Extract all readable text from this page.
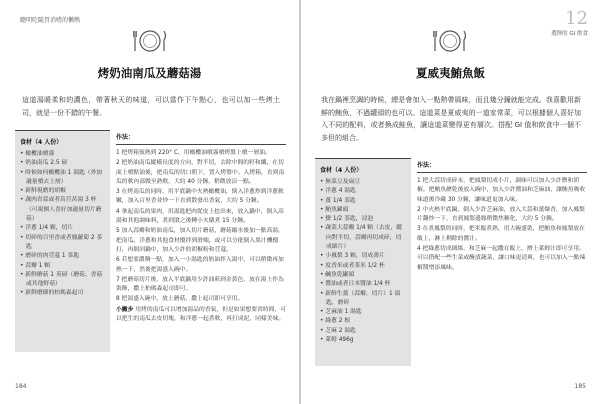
聰明吃隨胃消嗜的懶熱
烤奶油南瓜及蘑菇湯
這道湯暖柔和的濃色，帶著秋天的味道，可以當作下午點心，也可以加一些烤土司，就是一份不錯的午餐。
食材（4 人份）
• 橄欖油噴霧
• 奶油南瓜 2.5 磅
• 時候如何橄欖油 1 湯匙（外加適量噴去上層）
• 新鮮現磨的胡椒
• 蔬肉青蒜或者莴苣莴湯 3 杯（可視個人喜好加適量切片蘑菇）
• 洋蔥 1/4 顆，切片
• 切碎的百里香或者鳳蘿蔔 2 茶匙
• 磨碎的肉荳蔻 1 茶匙
• 蒜瓣 1 顆
• 新鮮蘑菇 1 英磅（蘑菇、香菇或其他野菇）
• 新鮮磨細的柏瑪森起司
作法：
1 把烤箱預熱到 220° C，用橄欖油噴霧噴烤盤上噴一層油。
2 把奶油南瓜縱橫長度的方向，對半切，去除中間的籽和纖，在切面上噴點油後，把南瓜的切口朝下，置入烤盤中。入烤箱，直到南瓜的軟內部做至熟軟，大約 40 分鐘。稍微放涼一點。
3 在烤南瓜的同時，用平底鍋中火熱橄欖油，倒入洋蔥炒到洋蔥軟嫩，加入百里香並炒一下直到散發出香氣，大約 5 分鐘。
4 拿起南瓜的果肉，用湯匙把肉從皮上挖出來，放入鍋中，倒入高湯和其他調味料，煮到滾之後轉小火燉煮 15 分鐘。
5 加入蒜瓣和奶油南瓜，加入切片蘑菇，蘑菇縮水後加一點高湯，把南瓜、洋蔥和其他食材攪拌到滑順，或可以分批倒入果汁機攪打，再倒回鍋中，加入少許的胡椒粉和荳蔻。
6 若想要濃稠一點，加入一小湯匙的奶油拌入湯中，可以稍微再加熱一下，然後把湯盛入碗中。
7 把蘑菇切片後，放入平底鍋用少許油煎到金黃色，放在湯上作為裝飾，撒上柏瑪森起司即可。
8 把湯盛入碗中，放上蘑菇，撒上起司即可享用。
小撇步 用烤的南瓜可以增加湯品的香氣，但是如果想要省時間，可以把生的南瓜去皮切塊，和洋蔥一起煮軟，再打成泥，同樣美味。
184
12
選擇的 GI 飲食
夏威夷鮪魚飯
我在鍋裡烹調的時候，總是會加入一點熱帶風味，而且幾分鐘就能完成。我喜歡用新鮮的鮪魚，不過罐頭的也可以。這道菜是夏威夷的一道家常菜，可以根據個人喜好加入不同的配料，或者換成鮭魚，讓這道菜變得更有層次。搭配 GI 值和飲食中一個不多但的組合。
食材（4 人份）
• 無菜豆及扁豆
• 洋蔥 4 湯匙
• 薑 1/4 茶匙
• 鮪魚罐頭
• 鹽 1/2 茶匙，浸泡
• 蔬菜大蒜瓣 1/4 顆（去皮，縱向對半切，蒜瓣再切成碎，切成細片）
• 小鳳梨 3 顆，切成薄片
• 度香米或者茶米 1/2 杯
• 鹹魚乾罐頭
• 醬油或者日本醬油 1/4 杯
• 新鮮生薑（蒜瓣，切片）1 湯匙，磨碎
• 芝麻油 1 湯匙
• 綠蔥 2 根
• 芝麻 2 湯匙
• 萊姆 496g
作法：
1 把大蒜切成碎末，把鳳梨切成小片，調味可以加入少許鹽和胡椒。把鮪魚瀝乾後放入碗中，加入少許醬油和芝麻油，讓鮪魚吸收味道後冷藏 30 分鐘，讓味道更加入味。
2 中火熱平底鍋，倒入少許芝麻油，放入大蒜和薑爆香，加入鳳梨片翻炒一下，直到鳳梨邊緣稍微焦糖化，大約 5 分鐘。
3 在煮鳳梨的同時，把米飯煮熟，用大碗盛裝，把鮪魚和鳳梨放在飯上，淋上剩餘的醬汁。
4 把綠蔥切成細絲，和芝麻一起撒在飯上，擠上萊姆汁即可享用。可以搭配一些生菜或醃漬蔬菜，讓口味更清爽，也可以加入一點辣椒醬增添風味。
185
